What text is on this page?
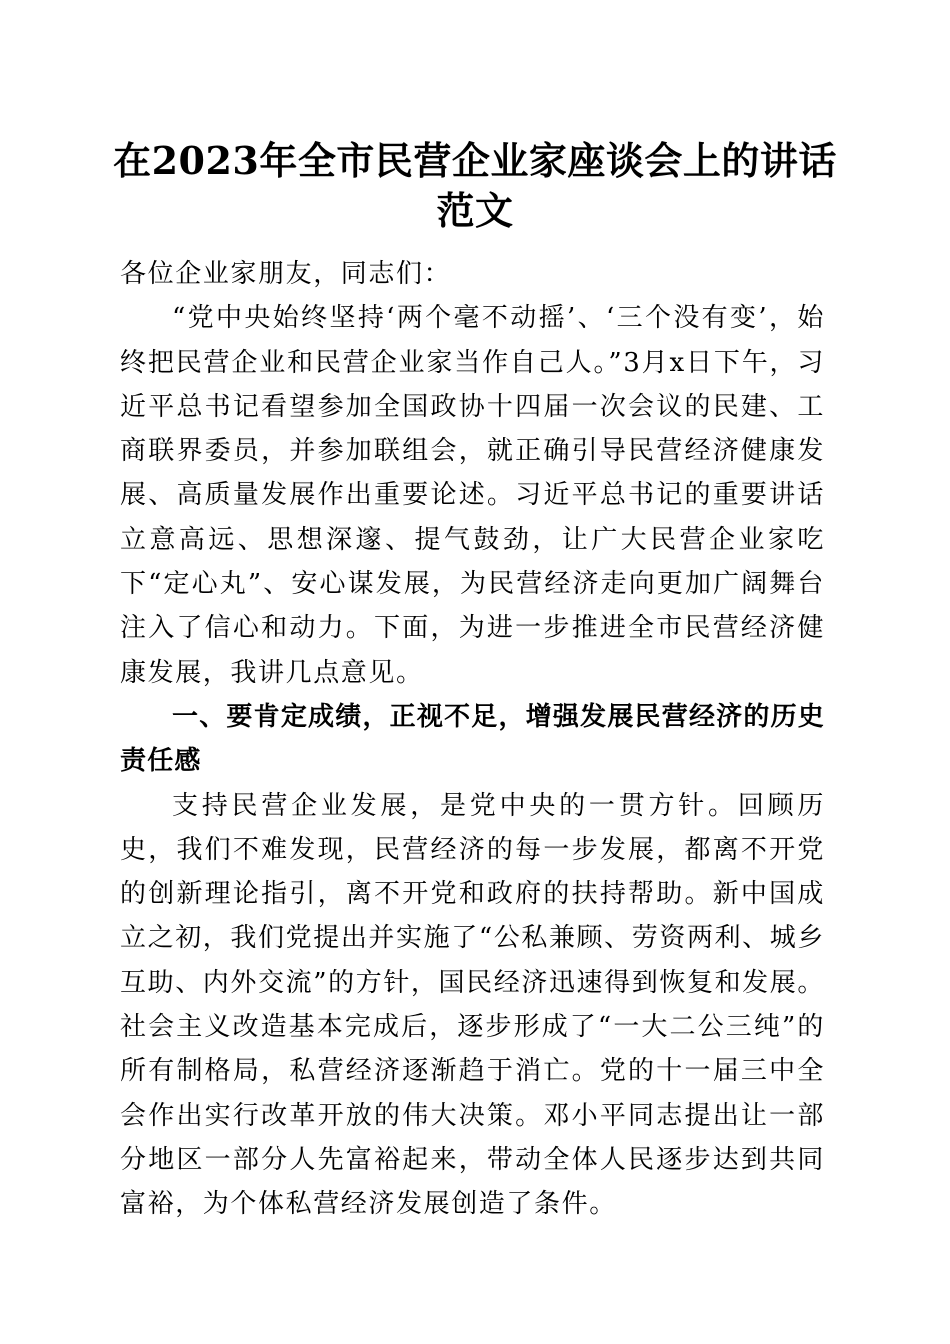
在2023年全市民营企业家座谈会上的讲话范文

各位企业家朋友，同志们：

“党中央始终坚持‘两个毫不动摇’、‘三个没有变’，始终把民营企业和民营企业家当作自己人。”3月x日下午，习近平总书记看望参加全国政协十四届一次会议的民建、工商联界委员，并参加联组会，就正确引导民营经济健康发展、高质量发展作出重要论述。习近平总书记的重要讲话立意高远、思想深邃、提气鼓劲，让广大民营企业家吃下“定心丸”、安心谋发展，为民营经济走向更加广阔舞台注入了信心和动力。下面，为进一步推进全市民营经济健康发展，我讲几点意见。

一、要肯定成绩，正视不足，增强发展民营经济的历史责任感

支持民营企业发展，是党中央的一贯方针。回顾历史，我们不难发现，民营经济的每一步发展，都离不开党的创新理论指引，离不开党和政府的扶持帮助。新中国成立之初，我们党提出并实施了“公私兼顾、劳资两利、城乡互助、内外交流”的方针，国民经济迅速得到恢复和发展。社会主义改造基本完成后，逐步形成了“一大二公三纯”的所有制格局，私营经济逐渐趋于消亡。党的十一届三中全会作出实行改革开放的伟大决策。邓小平同志提出让一部分地区一部分人先富裕起来，带动全体人民逐步达到共同富裕，为个体私营经济发展创造了条件。
